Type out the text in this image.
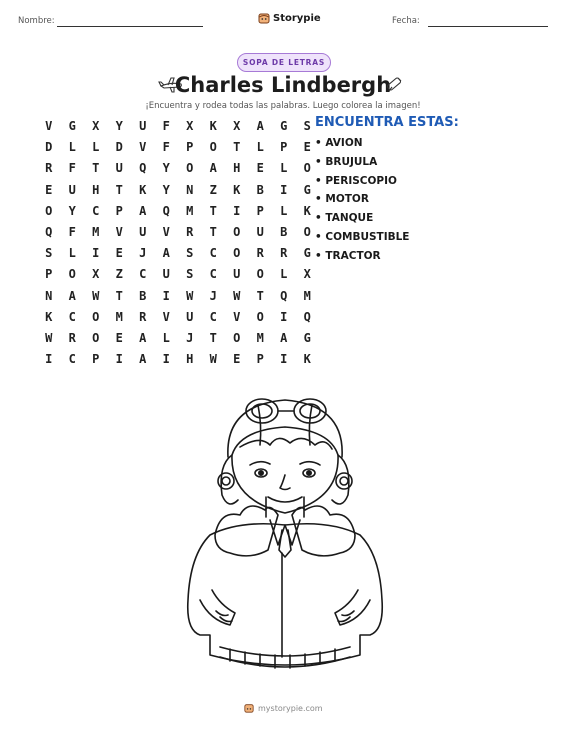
Nombre:	Storypie	Fecha:
SOPA DE LETRAS
Charles Lindbergh
¡Encuentra y rodea todas las palabras. Luego colorea la imagen!
V	G	X	Y	U	F	X	K	X	A	G	S
D	L	L	D	V	F	P	O	T	L	P	E
R	F	T	U	Q	Y	O	A	H	E	L	O
E	U	H	T	K	Y	N	Z	K	B	I	G
O	Y	C	P	A	Q	M	T	I	P	L	K
Q	F	M	V	U	V	R	T	O	U	B	O
S	L	I	E	J	A	S	C	O	R	R	G
P	O	X	Z	C	U	S	C	U	O	L	X
N	A	W	T	B	I	W	J	W	T	Q	M
K	C	O	M	R	V	U	C	V	O	I	Q
W	R	O	E	A	L	J	T	O	M	A	G
I	C	P	I	A	I	H	W	E	P	I	K
ENCUENTRA ESTAS:
• AVION
• BRUJULA
• PERISCOPIO
• MOTOR
• TANQUE
• COMBUSTIBLE
• TRACTOR
mystorypie.com
